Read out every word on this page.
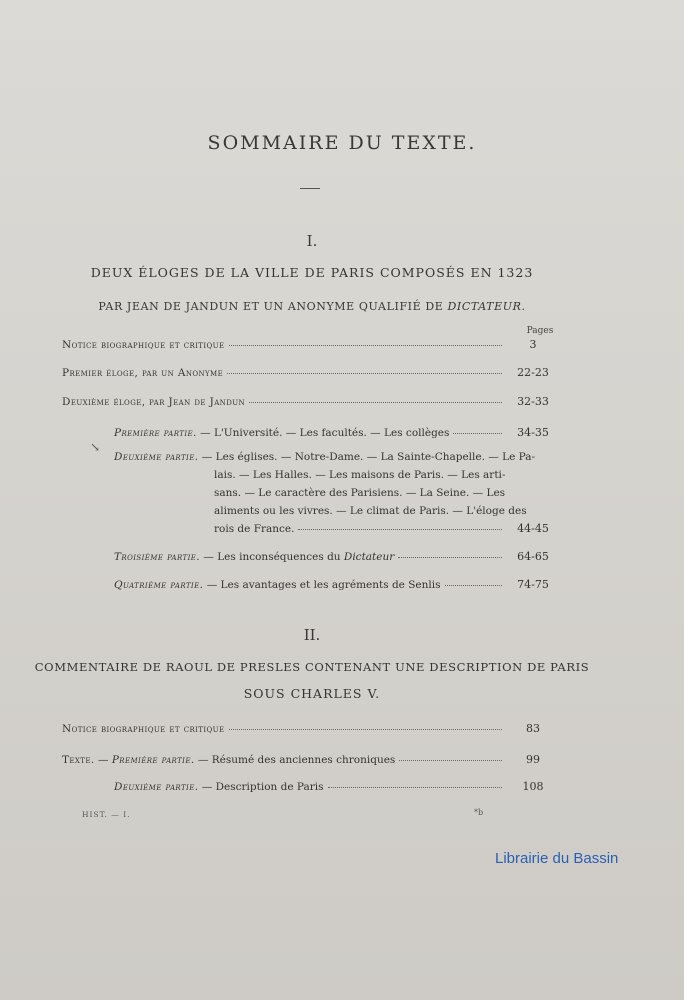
SOMMAIRE DU TEXTE.
I.
DEUX ÉLOGES DE LA VILLE DE PARIS COMPOSÉS EN 1323
PAR JEAN DE JANDUN ET UN ANONYME QUALIFIÉ DE DICTATEUR.
Pages
Notice biographique et critique	3
Premier éloge, par un Anonyme	22-23
Deuxième éloge, par Jean de Jandun	32-33
↘
Première partie. — L'Université. — Les facultés. — Les collèges	34-35
Deuxième partie. — Les églises. — Notre-Dame. — La Sainte-Chapelle. — Le Pa-
lais. — Les Halles. — Les maisons de Paris. — Les arti-
sans. — Le caractère des Parisiens. — La Seine. — Les
aliments ou les vivres. — Le climat de Paris. — L'éloge des
rois de France.	44-45
Troisième partie. — Les inconséquences du Dictateur	64-65
Quatrième partie. — Les avantages et les agréments de Senlis	74-75
II.
COMMENTAIRE DE RAOUL DE PRESLES CONTENANT UNE DESCRIPTION DE PARIS
SOUS CHARLES V.
Notice biographique et critique	83
Texte. — Première partie. — Résumé des anciennes chroniques	99
Deuxième partie. — Description de Paris	108
HIST. — I.	*b
Librairie du Bassin
